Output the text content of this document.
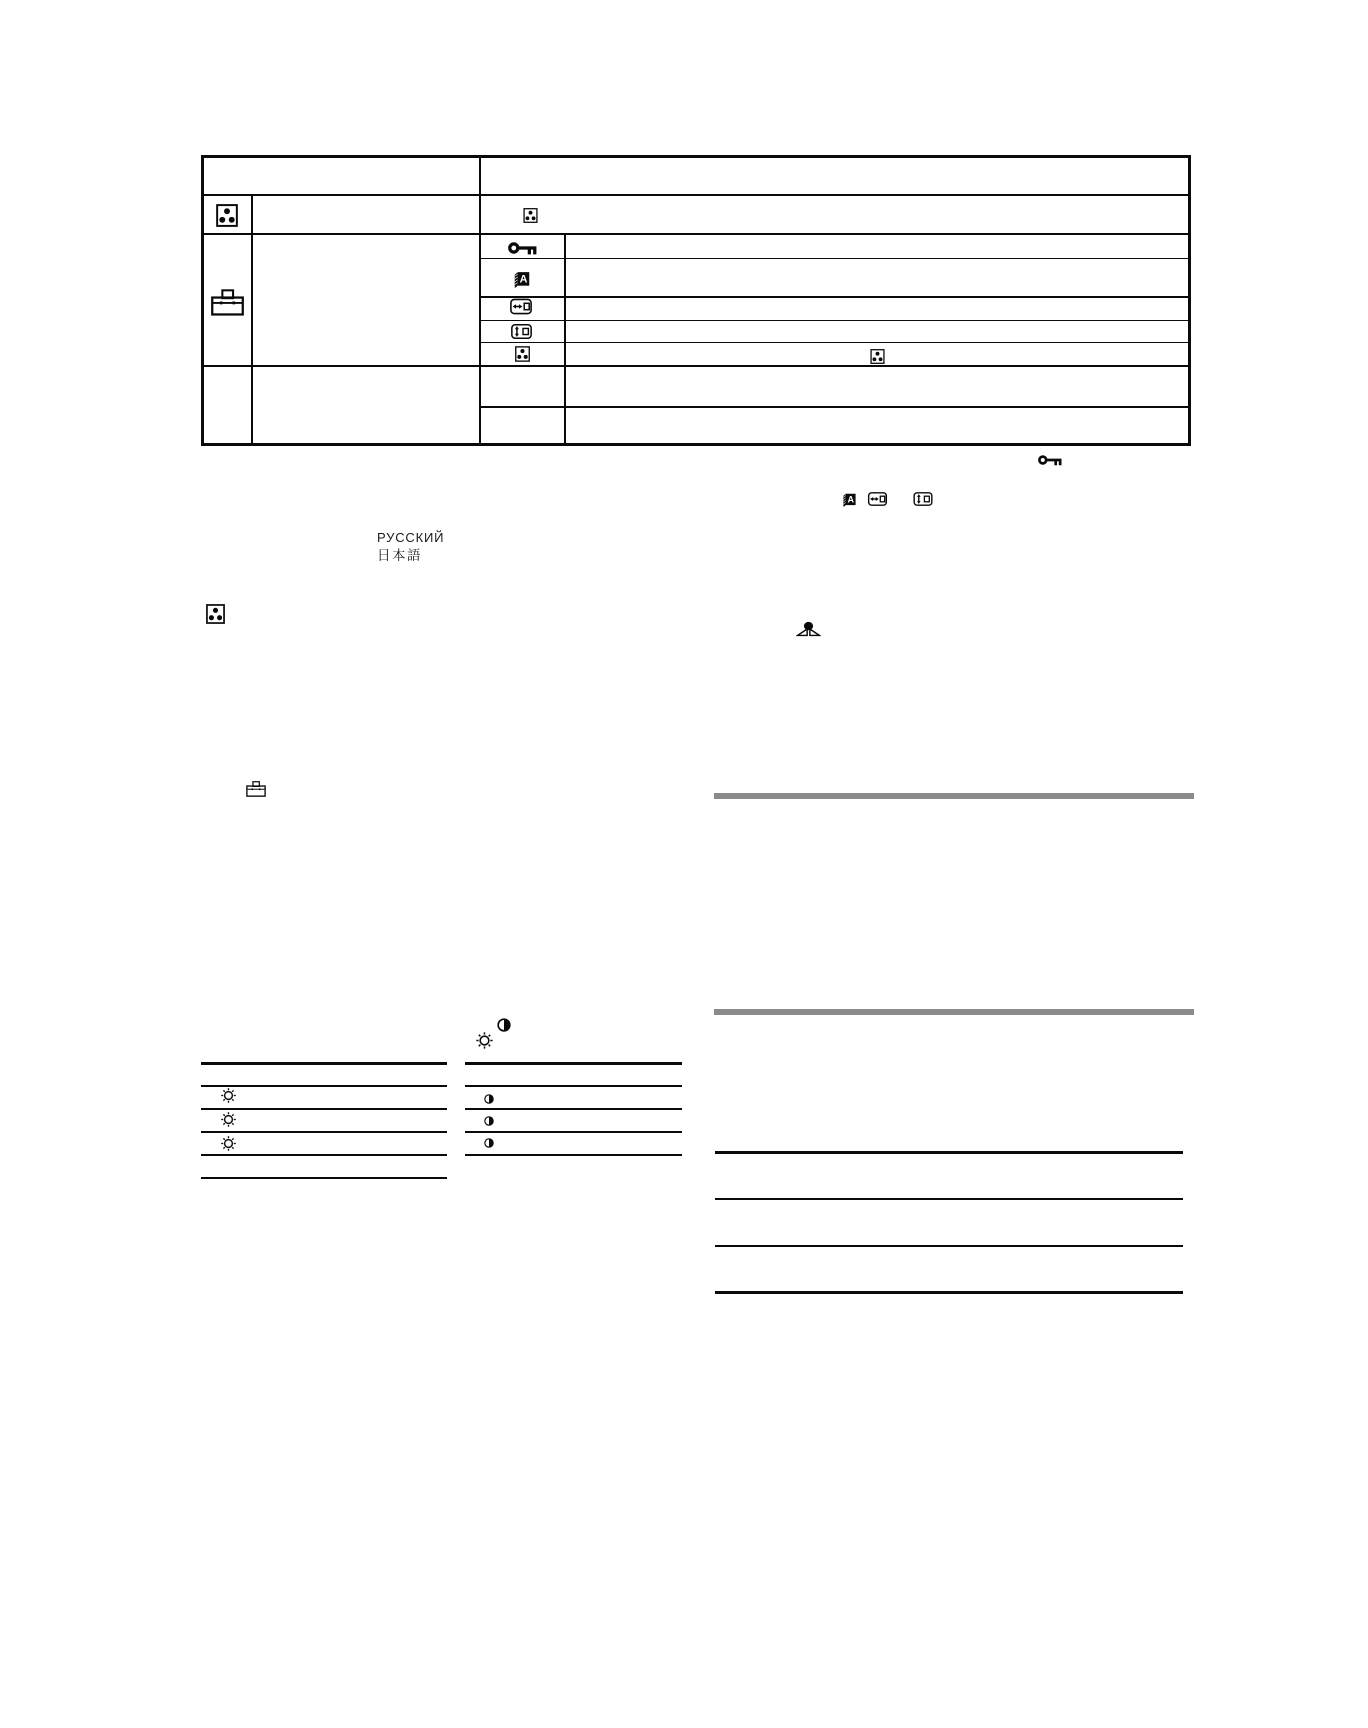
РУССКИЙ
日本語
